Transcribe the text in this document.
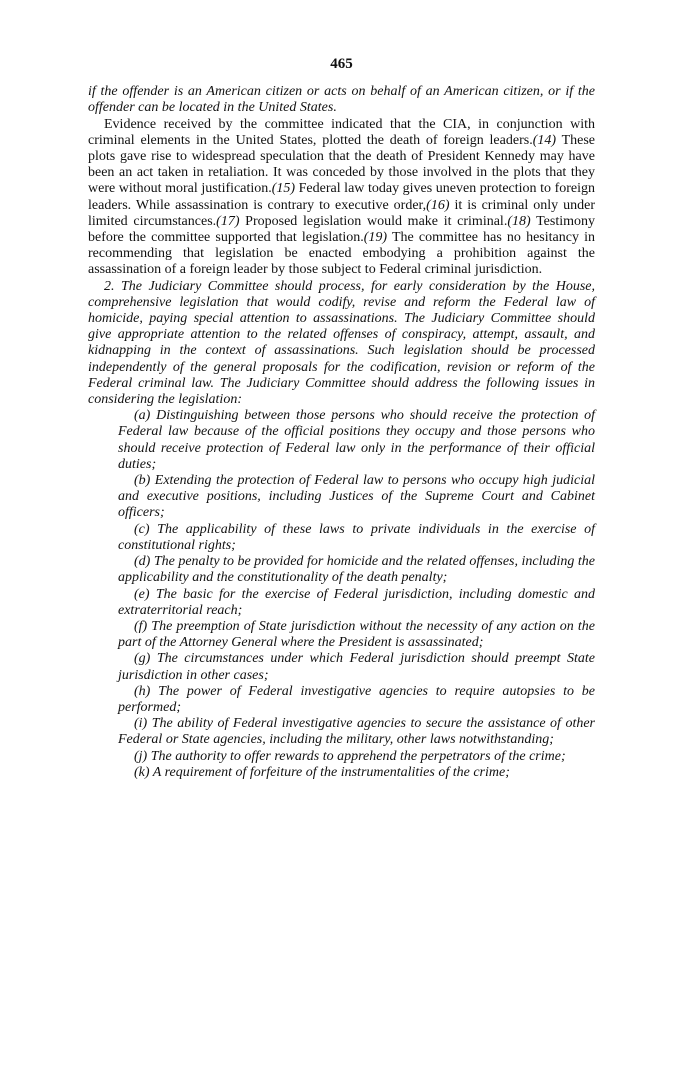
465

if the offender is an American citizen or acts on behalf of an American citizen, or if the offender can be located in the United States.

Evidence received by the committee indicated that the CIA, in conjunction with criminal elements in the United States, plotted the death of foreign leaders.(14) These plots gave rise to widespread speculation that the death of President Kennedy may have been an act taken in retaliation. It was conceded by those involved in the plots that they were without moral justification.(15) Federal law today gives uneven protection to foreign leaders. While assassination is contrary to executive order,(16) it is criminal only under limited circumstances.(17) Proposed legislation would make it criminal.(18) Testimony before the committee supported that legislation.(19) The committee has no hesitancy in recommending that legislation be enacted embodying a prohibition against the assassination of a foreign leader by those subject to Federal criminal jurisdiction.

2. The Judiciary Committee should process, for early consideration by the House, comprehensive legislation that would codify, revise and reform the Federal law of homicide, paying special attention to assassinations. The Judiciary Committee should give appropriate attention to the related offenses of conspiracy, attempt, assault, and kidnapping in the context of assassinations. Such legislation should be processed independently of the general proposals for the codification, revision or reform of the Federal criminal law. The Judiciary Committee should address the following issues in considering the legislation:

(a) Distinguishing between those persons who should receive the protection of Federal law because of the official positions they occupy and those persons who should receive protection of Federal law only in the performance of their official duties;

(b) Extending the protection of Federal law to persons who occupy high judicial and executive positions, including Justices of the Supreme Court and Cabinet officers;

(c) The applicability of these laws to private individuals in the exercise of constitutional rights;

(d) The penalty to be provided for homicide and the related offenses, including the applicability and the constitutionality of the death penalty;

(e) The basic for the exercise of Federal jurisdiction, including domestic and extraterritorial reach;

(f) The preemption of State jurisdiction without the necessity of any action on the part of the Attorney General where the President is assassinated;

(g) The circumstances under which Federal jurisdiction should preempt State jurisdiction in other cases;

(h) The power of Federal investigative agencies to require autopsies to be performed;

(i) The ability of Federal investigative agencies to secure the assistance of other Federal or State agencies, including the military, other laws notwithstanding;

(j) The authority to offer rewards to apprehend the perpetrators of the crime;

(k) A requirement of forfeiture of the instrumentalities of the crime;
